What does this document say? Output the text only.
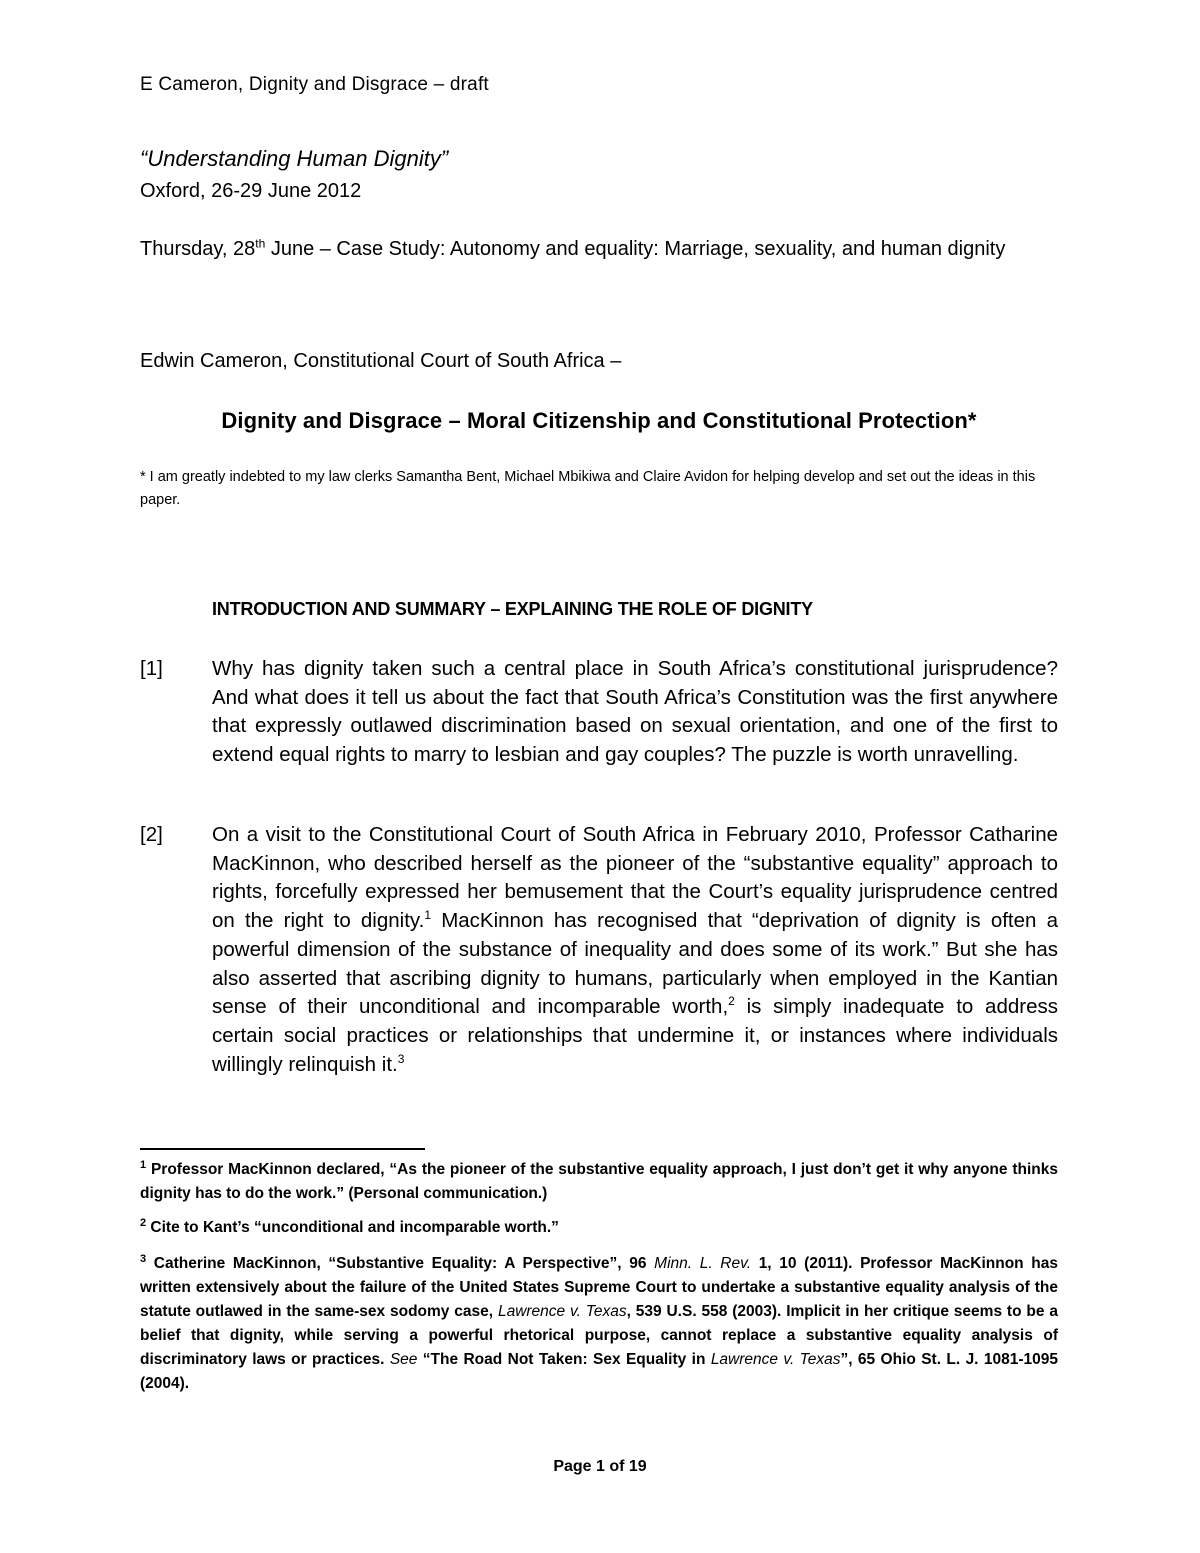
E Cameron, Dignity and Disgrace – draft
“Understanding Human Dignity”
Oxford, 26-29 June 2012
Thursday, 28th June – Case Study: Autonomy and equality: Marriage, sexuality, and human dignity
Edwin Cameron, Constitutional Court of South Africa –
Dignity and Disgrace – Moral Citizenship and Constitutional Protection*
* I am greatly indebted to my law clerks Samantha Bent, Michael Mbikiwa and Claire Avidon for helping develop and set out the ideas in this paper.
INTRODUCTION AND SUMMARY – EXPLAINING THE ROLE OF DIGNITY
[1] Why has dignity taken such a central place in South Africa’s constitutional jurisprudence? And what does it tell us about the fact that South Africa’s Constitution was the first anywhere that expressly outlawed discrimination based on sexual orientation, and one of the first to extend equal rights to marry to lesbian and gay couples? The puzzle is worth unravelling.
[2] On a visit to the Constitutional Court of South Africa in February 2010, Professor Catharine MacKinnon, who described herself as the pioneer of the “substantive equality” approach to rights, forcefully expressed her bemusement that the Court’s equality jurisprudence centred on the right to dignity.$^1$ MacKinnon has recognised that “deprivation of dignity is often a powerful dimension of the substance of inequality and does some of its work.” But she has also asserted that ascribing dignity to humans, particularly when employed in the Kantian sense of their unconditional and incomparable worth,$^2$ is simply inadequate to address certain social practices or relationships that undermine it, or instances where individuals willingly relinquish it.$^3$
$^1$ Professor MacKinnon declared, “As the pioneer of the substantive equality approach, I just don’t get it why anyone thinks dignity has to do the work.” (Personal communication.)
$^2$ Cite to Kant’s “unconditional and incomparable worth.”
$^3$ Catherine MacKinnon, “Substantive Equality: A Perspective”, 96 Minn. L. Rev. 1, 10 (2011). Professor MacKinnon has written extensively about the failure of the United States Supreme Court to undertake a substantive equality analysis of the statute outlawed in the same-sex sodomy case, Lawrence v. Texas, 539 U.S. 558 (2003). Implicit in her critique seems to be a belief that dignity, while serving a powerful rhetorical purpose, cannot replace a substantive equality analysis of discriminatory laws or practices. See “The Road Not Taken: Sex Equality in Lawrence v. Texas”, 65 Ohio St. L. J. 1081-1095 (2004).
Page 1 of 19
